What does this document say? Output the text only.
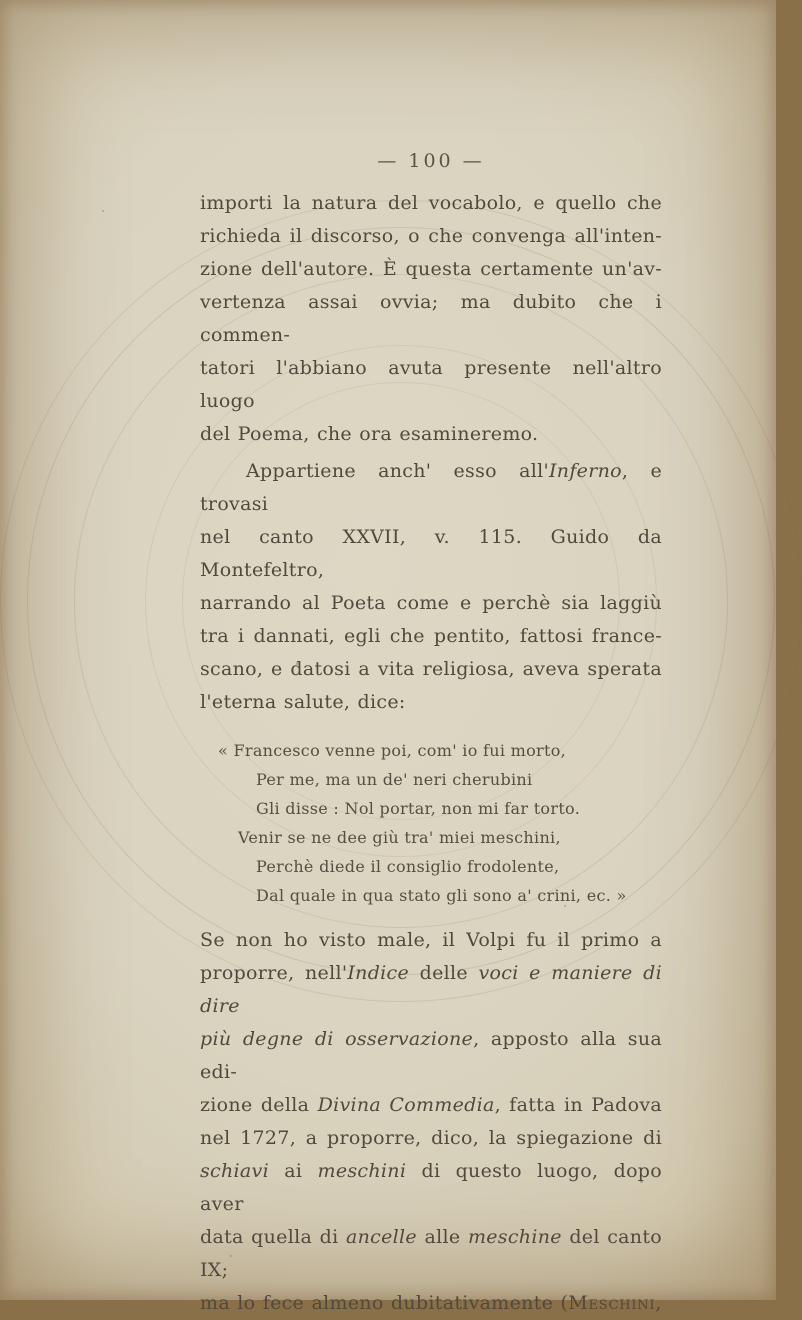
— 100 —
importi la natura del vocabolo, e quello che
richieda il discorso, o che convenga all'inten-
zione dell'autore. È questa certamente un'av-
vertenza assai ovvia; ma dubito che i commen-
tatori l'abbiano avuta presente nell'altro luogo
del Poema, che ora esamineremo.
Appartiene anch' esso all'Inferno, e trovasi
nel canto XXVII, v. 115. Guido da Montefeltro,
narrando al Poeta come e perchè sia laggiù
tra i dannati, egli che pentito, fattosi france-
scano, e datosi a vita religiosa, aveva sperata
l'eterna salute, dice:
« Francesco venne poi, com' io fui morto,
Per me, ma un de' neri cherubini
Gli disse : Nol portar, non mi far torto.
Venir se ne dee giù tra' miei meschini,
Perchè diede il consiglio frodolente,
Dal quale in qua stato gli sono a' crini, ec. »
Se non ho visto male, il Volpi fu il primo a
proporre, nell'Indice delle voci e maniere di dire
più degne di osservazione, apposto alla sua edi-
zione della Divina Commedia, fatta in Padova
nel 1727, a proporre, dico, la spiegazione di
schiavi ai meschini di questo luogo, dopo aver
data quella di ancelle alle meschine del canto IX;
ma lo fece almeno dubitativamente (Meschini,
